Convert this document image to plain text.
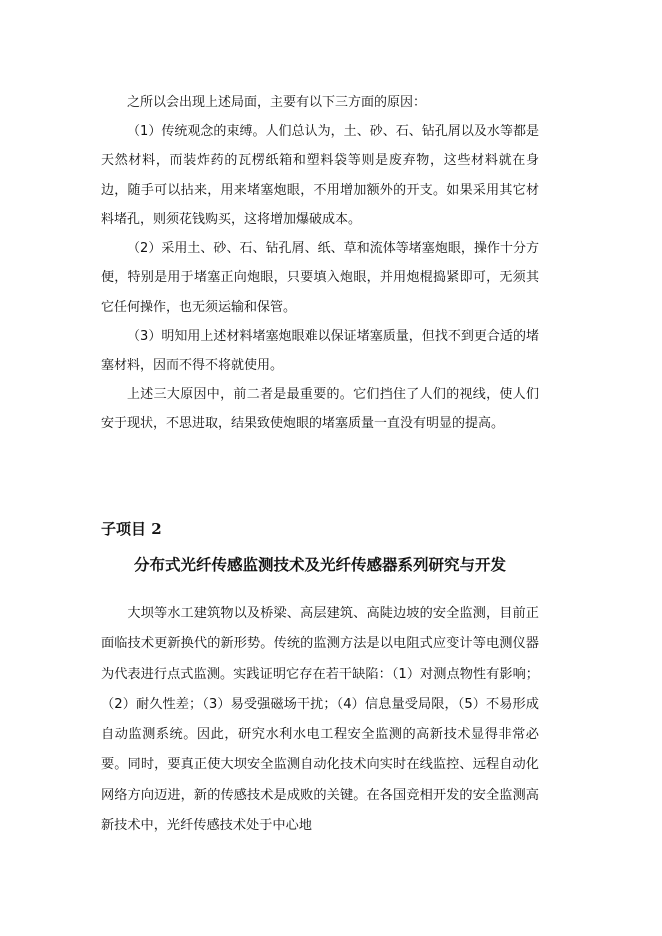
之所以会出现上述局面，主要有以下三方面的原因：

（1）传统观念的束缚。人们总认为，土、砂、石、钻孔屑以及水等都是天然材料，而装炸药的瓦楞纸箱和塑料袋等则是废弃物，这些材料就在身边，随手可以拈来，用来堵塞炮眼，不用增加额外的开支。如果采用其它材料堵孔，则须花钱购买，这将增加爆破成本。

（2）采用土、砂、石、钻孔屑、纸、草和流体等堵塞炮眼，操作十分方便，特别是用于堵塞正向炮眼，只要填入炮眼，并用炮棍捣紧即可，无须其它任何操作，也无须运输和保管。

（3）明知用上述材料堵塞炮眼难以保证堵塞质量，但找不到更合适的堵塞材料，因而不得不将就使用。

上述三大原因中，前二者是最重要的。它们挡住了人们的视线，使人们安于现状，不思进取，结果致使炮眼的堵塞质量一直没有明显的提高。

子项目 2
分布式光纤传感监测技术及光纤传感器系列研究与开发

大坝等水工建筑物以及桥梁、高层建筑、高陡边坡的安全监测，目前正面临技术更新换代的新形势。传统的监测方法是以电阻式应变计等电测仪器为代表进行点式监测。实践证明它存在若干缺陷：（1）对测点物性有影响；（2）耐久性差；（3）易受强磁场干扰；（4）信息量受局限，（5）不易形成自动监测系统。因此，研究水利水电工程安全监测的高新技术显得非常必要。同时，要真正使大坝安全监测自动化技术向实时在线监控、远程自动化网络方向迈进，新的传感技术是成败的关键。在各国竞相开发的安全监测高新技术中，光纤传感技术处于中心地
